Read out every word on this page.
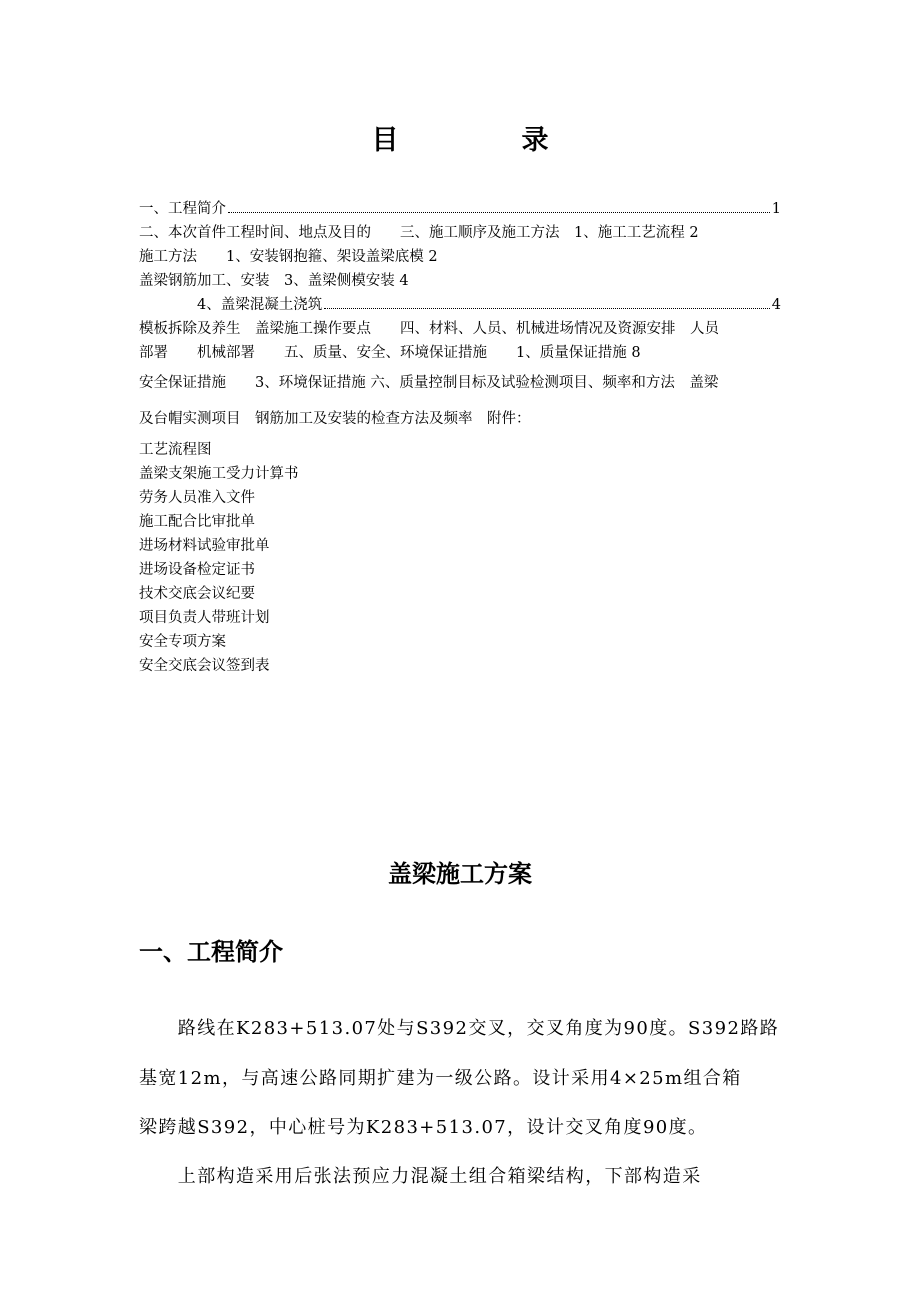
目　录
一、工程简介	1
二、本次首件工程时间、地点及目的　　三、施工顺序及施工方法　1、施工工艺流程 2
施工方法　　1、安装钢抱箍、架设盖梁底模 2
盖梁钢筋加工、安装　3、盖梁侧模安装 4
　　　　4、盖梁混凝土浇筑	4
模板拆除及养生　盖梁施工操作要点　　四、材料、人员、机械进场情况及资源安排　人员
部署　　机械部署　　五、质量、安全、环境保证措施　　1、质量保证措施 8
安全保证措施　　3、环境保证措施 六、质量控制目标及试验检测项目、频率和方法　盖梁
及台帽实测项目　钢筋加工及安装的检查方法及频率　附件：
工艺流程图
盖梁支架施工受力计算书
劳务人员准入文件
施工配合比审批单
进场材料试验审批单
进场设备检定证书
技术交底会议纪要
项目负责人带班计划
安全专项方案
安全交底会议签到表
盖梁施工方案
一、工程简介
　　路线在K283+513.07处与S392交叉，交叉角度为90度。S392路路
基宽12m，与高速公路同期扩建为一级公路。设计采用4×25m组合箱
梁跨越S392，中心桩号为K283+513.07，设计交叉角度90度。
　　上部构造采用后张法预应力混凝土组合箱梁结构，下部构造采
